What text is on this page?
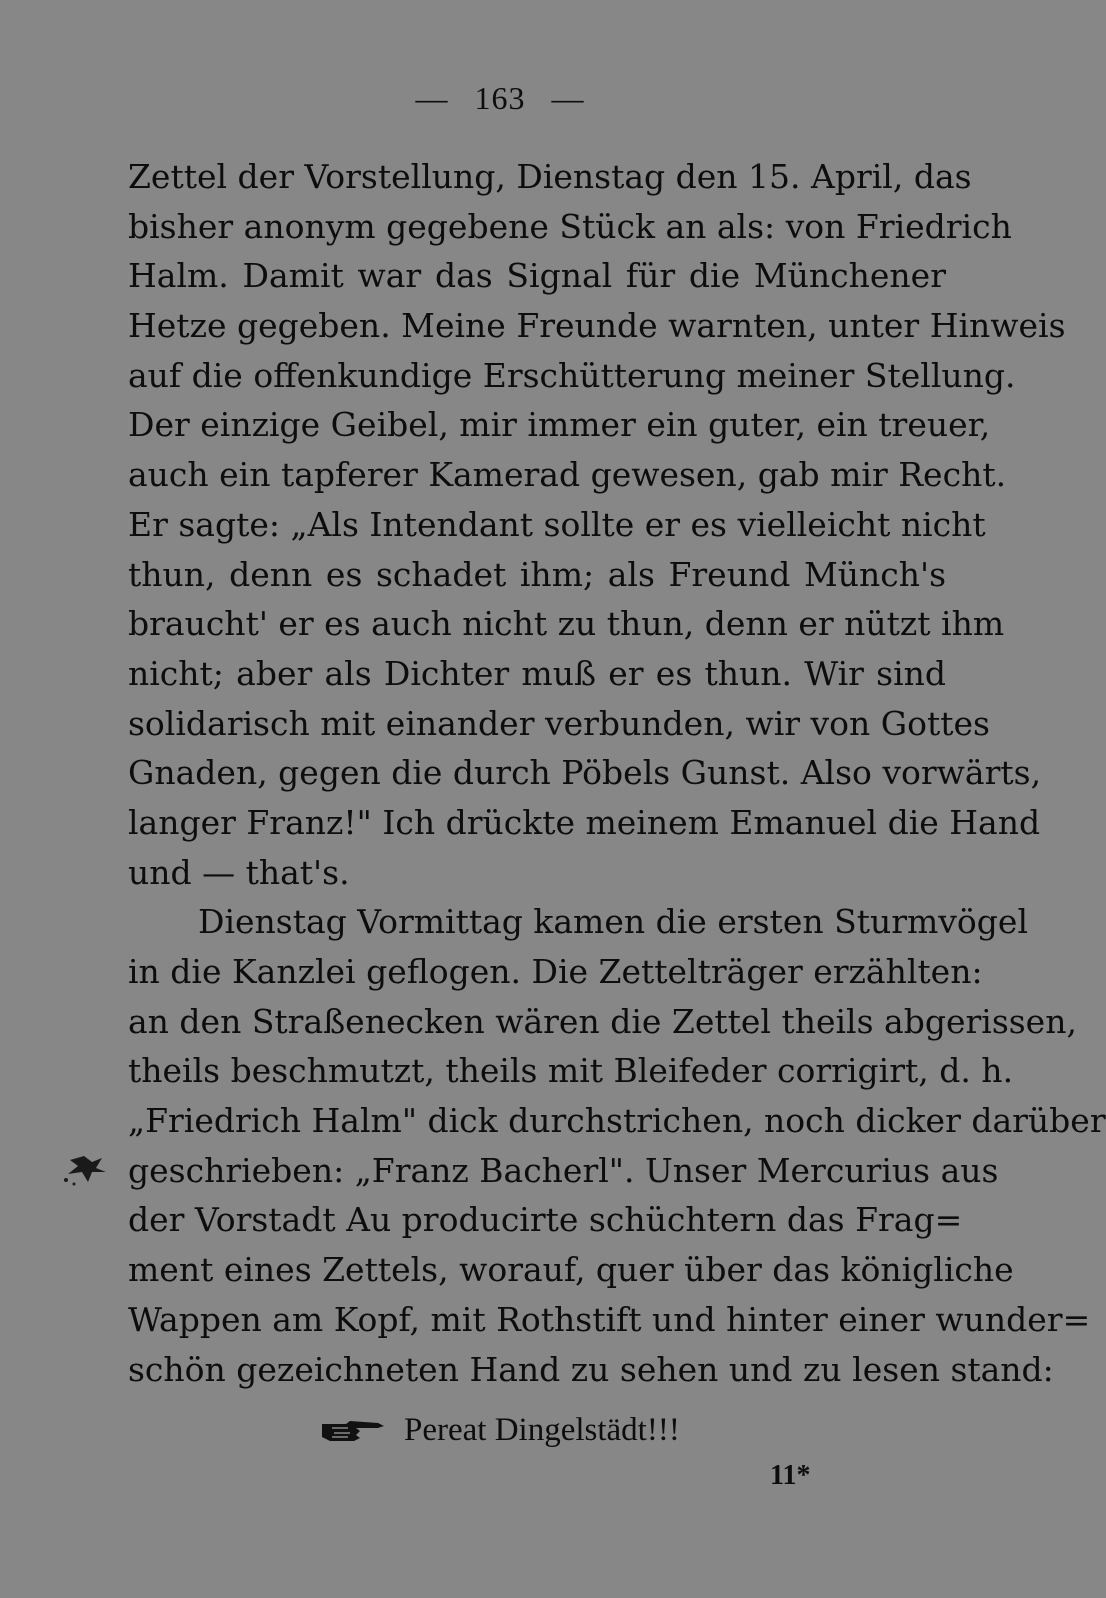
— 163 —
Zettel der Vorstellung, Dienstag den 15. April, das
bisher anonym gegebene Stück an als: von Friedrich
Halm. Damit war das Signal für die Münchener
Hetze gegeben. Meine Freunde warnten, unter Hinweis
auf die offenkundige Erschütterung meiner Stellung.
Der einzige Geibel, mir immer ein guter, ein treuer,
auch ein tapferer Kamerad gewesen, gab mir Recht.
Er sagte: „Als Intendant sollte er es vielleicht nicht
thun, denn es schadet ihm; als Freund Münch's
braucht' er es auch nicht zu thun, denn er nützt ihm
nicht; aber als Dichter muß er es thun. Wir sind
solidarisch mit einander verbunden, wir von Gottes
Gnaden, gegen die durch Pöbels Gunst. Also vorwärts,
langer Franz!" Ich drückte meinem Emanuel die Hand
und — that's.
Dienstag Vormittag kamen die ersten Sturmvögel
in die Kanzlei geflogen. Die Zettelträger erzählten:
an den Straßenecken wären die Zettel theils abgerissen,
theils beschmutzt, theils mit Bleifeder corrigirt, d. h.
„Friedrich Halm" dick durchstrichen, noch dicker darüber
geschrieben: „Franz Bacherl". Unser Mercurius aus
der Vorstadt Au producirte schüchtern das Frag=
ment eines Zettels, worauf, quer über das königliche
Wappen am Kopf, mit Rothstift und hinter einer wunder=
schön gezeichneten Hand zu sehen und zu lesen stand:
Pereat Dingelstädt!!!
11*
